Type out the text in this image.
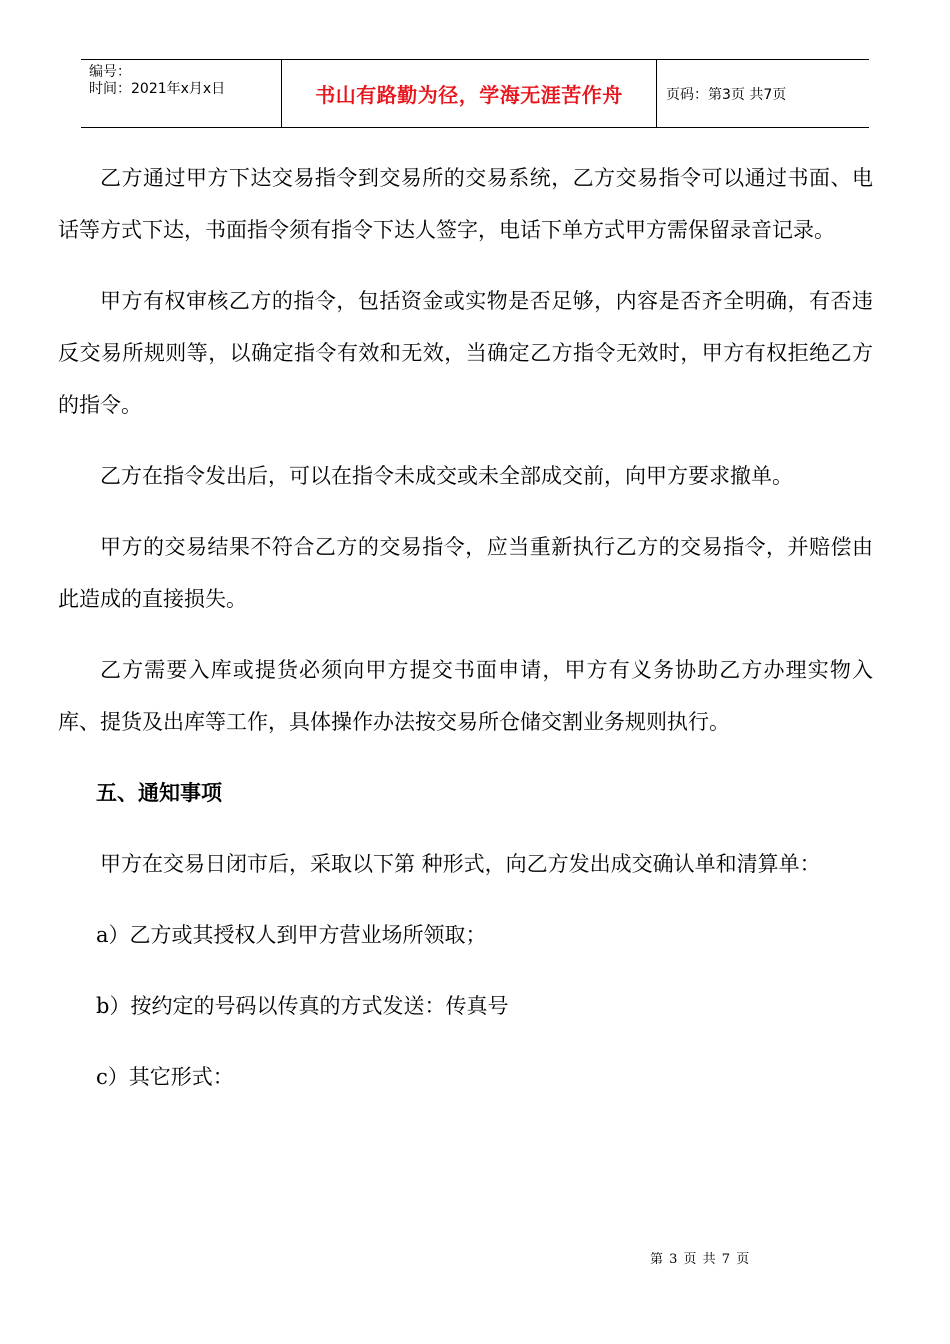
编号：
时间：2021年x月x日	书山有路勤为径，学海无涯苦作舟	页码：第3页 共7页

乙方通过甲方下达交易指令到交易所的交易系统，乙方交易指令可以通过书面、电话等方式下达，书面指令须有指令下达人签字，电话下单方式甲方需保留录音记录。

甲方有权审核乙方的指令，包括资金或实物是否足够，内容是否齐全明确，有否违反交易所规则等，以确定指令有效和无效，当确定乙方指令无效时，甲方有权拒绝乙方的指令。

乙方在指令发出后，可以在指令未成交或未全部成交前，向甲方要求撤单。

甲方的交易结果不符合乙方的交易指令，应当重新执行乙方的交易指令，并赔偿由此造成的直接损失。

乙方需要入库或提货必须向甲方提交书面申请，甲方有义务协助乙方办理实物入库、提货及出库等工作，具体操作办法按交易所仓储交割业务规则执行。

五、通知事项

甲方在交易日闭市后，采取以下第 种形式，向乙方发出成交确认单和清算单：

a）乙方或其授权人到甲方营业场所领取；

b）按约定的号码以传真的方式发送：传真号

c）其它形式：

第 3 页 共 7 页
